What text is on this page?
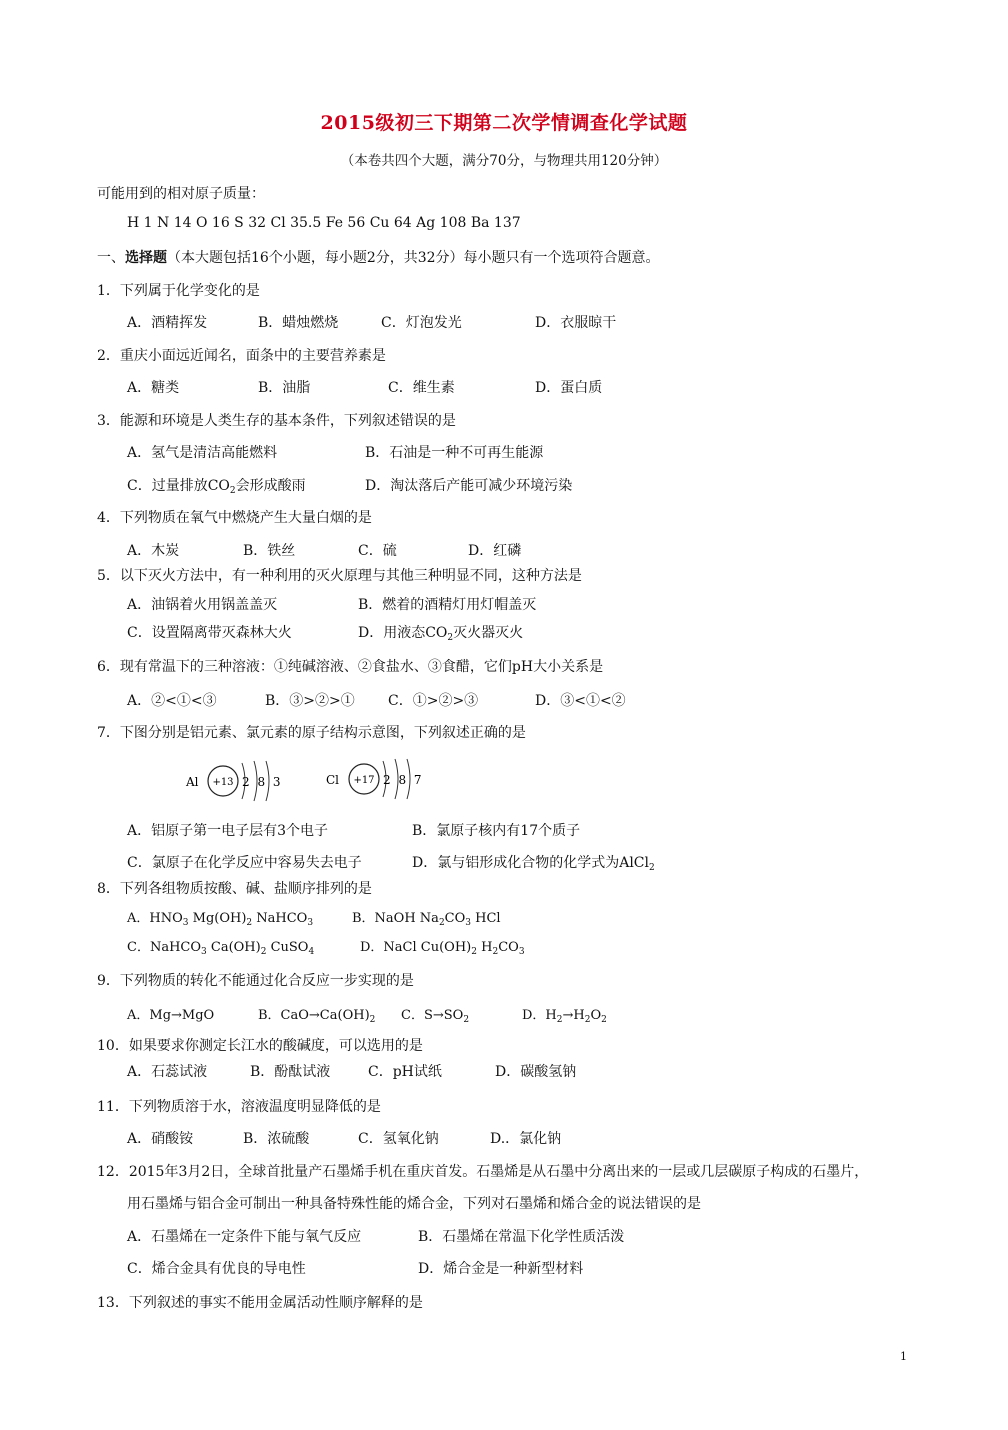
2015级初三下期第二次学情调查化学试题
（本卷共四个大题，满分70分，与物理共用120分钟）
可能用到的相对原子质量：
H 1 N 14 O 16 S 32 Cl 35.5 Fe 56 Cu 64 Ag 108 Ba 137
一、选择题（本大题包括16个小题，每小题2分，共32分）每小题只有一个选项符合题意。
1．下列属于化学变化的是
A．酒精挥发	B．蜡烛燃烧	C．灯泡发光	D．衣服晾干
2．重庆小面远近闻名，面条中的主要营养素是
A．糖类	B．油脂	C．维生素	D．蛋白质
3．能源和环境是人类生存的基本条件，下列叙述错误的是
A．氢气是清洁高能燃料	B．石油是一种不可再生能源
C．过量排放$CO_2$会形成酸雨	D．淘汰落后产能可减少环境污染
4．下列物质在氧气中燃烧产生大量白烟的是
A．木炭	B．铁丝	C．硫	D．红磷
5．以下灭火方法中，有一种利用的灭火原理与其他三种明显不同，这种方法是
A．油锅着火用锅盖盖灭	B．燃着的酒精灯用灯帽盖灭
C．设置隔离带灭森林大火	D．用液态$CO_2$灭火器灭火
6．现有常温下的三种溶液：①纯碱溶液、②食盐水、③食醋，它们pH大小关系是
A．②<①<③	B．③>②>① C．①>②>③	D．③<①<②
7．下图分别是铝元素、氯元素的原子结构示意图，下列叙述正确的是
Al +13 2 8 3	Cl +17 2 8 7
A．铝原子第一电子层有3个电子	B．氯原子核内有17个质子
C．氯原子在化学反应中容易失去电子	D．氯与铝形成化合物的化学式为AlCl$_2$
8．下列各组物质按酸、碱、盐顺序排列的是
A．$HNO_3$ $Mg(OH)_2$ NaHCO$_3$	B．NaOH $Na_2CO_3$ HCl
C．NaHCO$_3$ $Ca(OH)_2$ CuSO$_4$	D．NaCl $Cu(OH)_2$ $H_2CO_3$
9．下列物质的转化不能通过化合反应一步实现的是
A．Mg→MgO	B．$CaO\to Ca(OH)_2$ C．$S\to SO_2$	D．$H_2\to H_2O_2$
10．如果要求你测定长江水的酸碱度，可以选用的是
A．石蕊试液	B．酚酞试液	C．pH试纸	D．碳酸氢钠
11．下列物质溶于水，溶液温度明显降低的是
A．硝酸铵	B．浓硫酸	C．氢氧化钠	D.．氯化钠
12．2015年3月2日，全球首批量产石墨烯手机在重庆首发。石墨烯是从石墨中分离出来的一层或几层碳原子构成的石墨片，
用石墨烯与铝合金可制出一种具备特殊性能的烯合金，下列对石墨烯和烯合金的说法错误的是
A．石墨烯在一定条件下能与氧气反应	B．石墨烯在常温下化学性质活泼
C．烯合金具有优良的导电性	D．烯合金是一种新型材料
13．下列叙述的事实不能用金属活动性顺序解释的是
1
